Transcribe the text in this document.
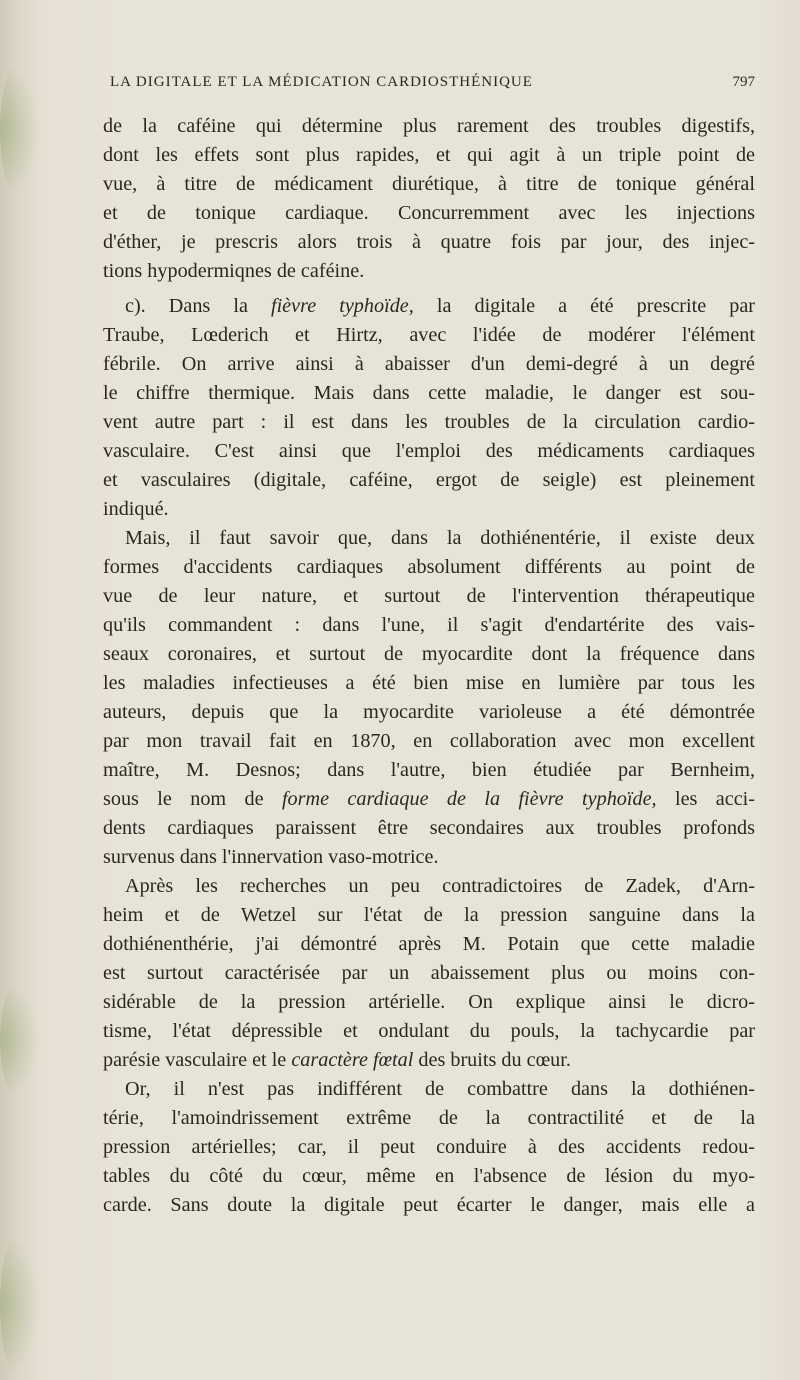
LA DIGITALE ET LA MÉDICATION CARDIOSTHÉNIQUE	797
de la caféine qui détermine plus rarement des troubles digestifs,
dont les effets sont plus rapides, et qui agit à un triple point de
vue, à titre de médicament diurétique, à titre de tonique général
et de tonique cardiaque. Concurremment avec les injections
d'éther, je prescris alors trois à quatre fois par jour, des injec-
tions hypodermiqnes de caféine.
c). Dans la fièvre typhoïde, la digitale a été prescrite par
Traube, Lœderich et Hirtz, avec l'idée de modérer l'élément
fébrile. On arrive ainsi à abaisser d'un demi-degré à un degré
le chiffre thermique. Mais dans cette maladie, le danger est sou-
vent autre part : il est dans les troubles de la circulation cardio-
vasculaire. C'est ainsi que l'emploi des médicaments cardiaques
et vasculaires (digitale, caféine, ergot de seigle) est pleinement
indiqué.
Mais, il faut savoir que, dans la dothiénentérie, il existe deux
formes d'accidents cardiaques absolument différents au point de
vue de leur nature, et surtout de l'intervention thérapeutique
qu'ils commandent : dans l'une, il s'agit d'endartérite des vais-
seaux coronaires, et surtout de myocardite dont la fréquence dans
les maladies infectieuses a été bien mise en lumière par tous les
auteurs, depuis que la myocardite varioleuse a été démontrée
par mon travail fait en 1870, en collaboration avec mon excellent
maître, M. Desnos; dans l'autre, bien étudiée par Bernheim,
sous le nom de forme cardiaque de la fièvre typhoïde, les acci-
dents cardiaques paraissent être secondaires aux troubles profonds
survenus dans l'innervation vaso-motrice.
Après les recherches un peu contradictoires de Zadek, d'Arn-
heim et de Wetzel sur l'état de la pression sanguine dans la
dothiénenthérie, j'ai démontré après M. Potain que cette maladie
est surtout caractérisée par un abaissement plus ou moins con-
sidérable de la pression artérielle. On explique ainsi le dicro-
tisme, l'état dépressible et ondulant du pouls, la tachycardie par
parésie vasculaire et le caractère fœtal des bruits du cœur.
Or, il n'est pas indifférent de combattre dans la dothiénen-
térie, l'amoindrissement extrême de la contractilité et de la
pression artérielles; car, il peut conduire à des accidents redou-
tables du côté du cœur, même en l'absence de lésion du myo-
carde. Sans doute la digitale peut écarter le danger, mais elle a
